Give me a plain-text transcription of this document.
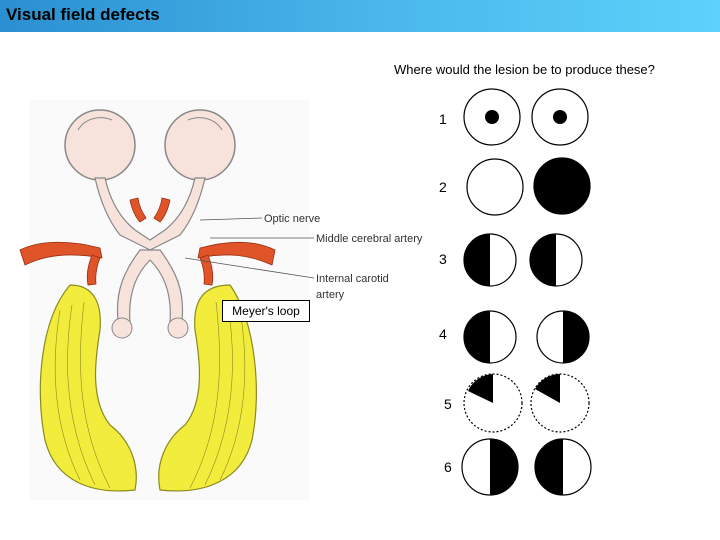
Visual field defects
Where would the lesion be to produce these?
Optic nerve
Middle cerebral artery
Internal carotid
artery
Meyer's loop
1
2
3
4
5
6
